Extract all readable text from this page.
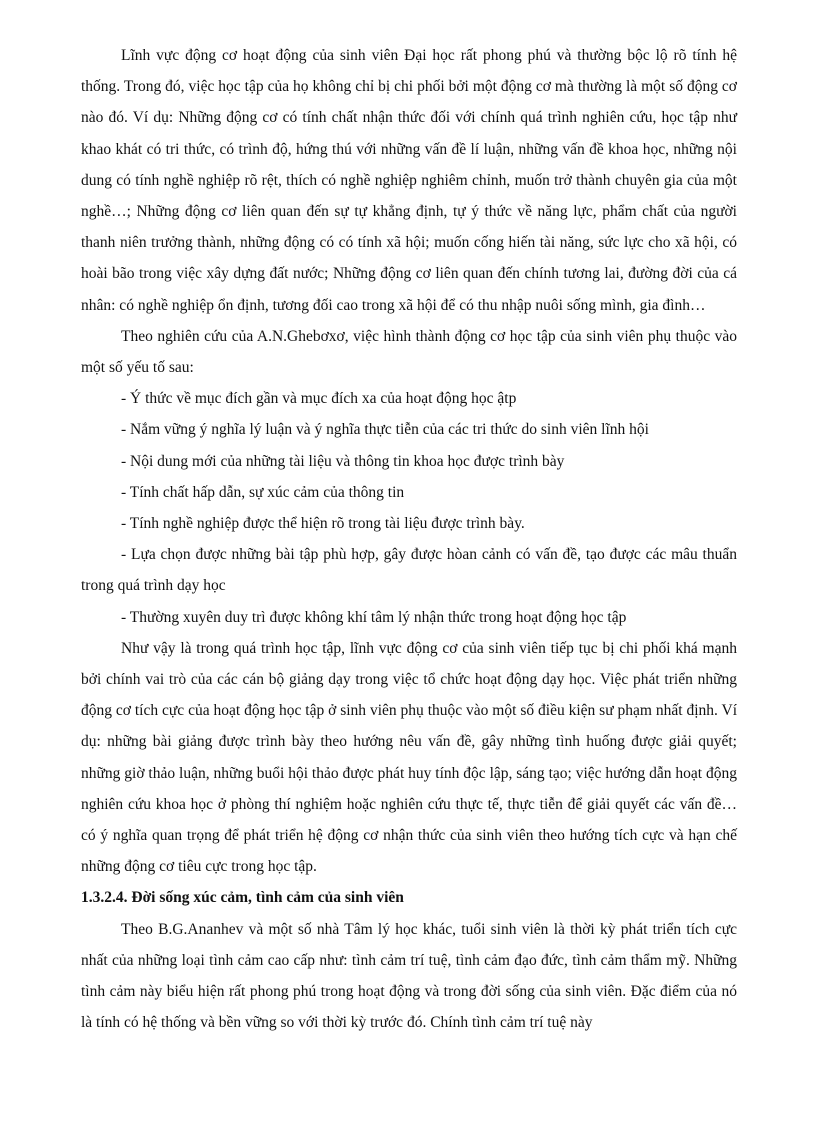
Lĩnh vực động cơ hoạt động của sinh viên Đại học rất phong phú và thường bộc lộ rõ tính hệ thống. Trong đó, việc học tập của họ không chỉ bị chi phối bởi một động cơ mà thường là một số động cơ nào đó. Ví dụ: Những động cơ có tính chất nhận thức đối với chính quá trình nghiên cứu, học tập như khao khát có tri thức, có trình độ, hứng thú với những vấn đề lí luận, những vấn đề khoa học, những nội dung có tính nghề nghiệp rõ rệt, thích có nghề nghiệp nghiêm chỉnh, muốn trở thành chuyên gia của một nghề…; Những động cơ liên quan đến sự tự khẳng định, tự ý thức về năng lực, phẩm chất của người thanh niên trưởng thành, những động có có tính xã hội; muốn cống hiến tài năng, sức lực cho xã hội, có hoài bão trong việc xây dựng đất nước; Những động cơ liên quan đến chính tương lai, đường đời của cá nhân: có nghề nghiệp ổn định, tương đối cao trong xã hội để có thu nhập nuôi sống mình, gia đình…

Theo nghiên cứu của A.N.Ghebơxơ, việc hình thành động cơ học tập của sinh viên phụ thuộc vào một số yếu tố sau:

- Ý thức về mục đích gần và mục đích xa của hoạt động học ậtp

- Nắm vững ý nghĩa lý luận và ý nghĩa thực tiễn của các tri thức do sinh viên lĩnh hội

- Nội dung mới của những tài liệu và thông tin khoa học được trình bày

- Tính chất hấp dẫn, sự xúc cảm của thông tin

- Tính nghề nghiệp được thể hiện rõ trong tài liệu được trình bày.

- Lựa chọn được những bài tập phù hợp, gây được hòan cảnh có vấn đề, tạo được các mâu thuẩn trong quá trình dạy học

- Thường xuyên duy trì được không khí tâm lý nhận thức trong hoạt động học tập

Như vậy là trong quá trình học tập, lĩnh vực động cơ của sinh viên tiếp tục bị chi phối khá mạnh bởi chính vai trò của các cán bộ giảng dạy trong việc tổ chức hoạt động dạy học. Việc phát triển những động cơ tích cực của hoạt động học tập ở sinh viên phụ thuộc vào một số điều kiện sư phạm nhất định. Ví dụ: những bài giảng được trình bày theo hướng nêu vấn đề, gây những tình huống được giải quyết; những giờ thảo luận, những buổi hội thảo được phát huy tính độc lập, sáng tạo; việc hướng dẫn hoạt động nghiên cứu khoa học ở phòng thí nghiệm hoặc nghiên cứu thực tế, thực tiễn để giải quyết các vấn đề… có ý nghĩa quan trọng để phát triển hệ động cơ nhận thức của sinh viên theo hướng tích cực và hạn chế những động cơ tiêu cực trong học tập.

1.3.2.4. Đời sống xúc cảm, tình cảm của sinh viên

Theo B.G.Ananhev và một số nhà Tâm lý học khác, tuổi sinh viên là thời kỳ phát triển tích cực nhất của những loại tình cảm cao cấp như: tình cảm trí tuệ, tình cảm đạo đức, tình cảm thẩm mỹ. Những tình cảm này biểu hiện rất phong phú trong hoạt động và trong đời sống của sinh viên. Đặc điểm của nó là tính có hệ thống và bền vững so với thời kỳ trước đó. Chính tình cảm trí tuệ này
